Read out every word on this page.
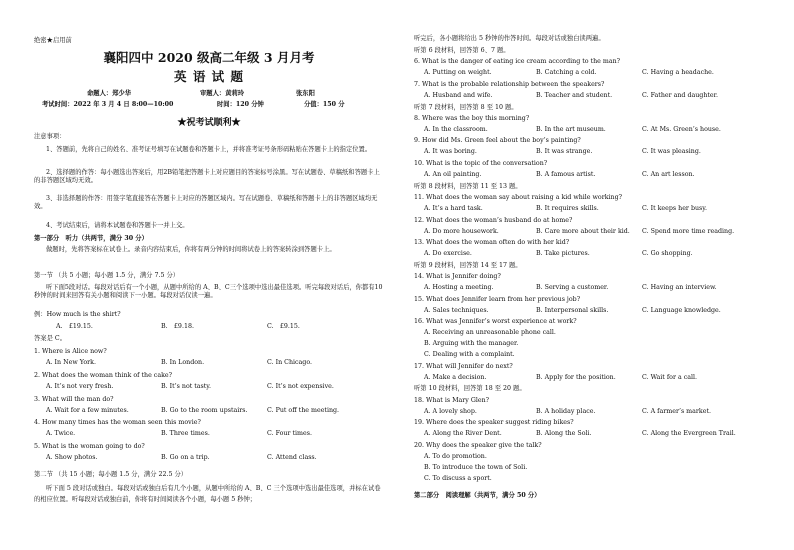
绝密★启用前
襄阳四中 2020 级高二年级 3 月月考
英 语 试 题
命题人：郑少华	审题人：黄莉玲	张东阳
考试时间：2022 年 3 月 4 日 8:00—10:00	时间：120 分钟	分值：150 分
★祝考试顺利★
注意事项：
1、答题前，先将自己的姓名、准考证号填写在试题卷和答题卡上，并将准考证号条形码粘贴在答题卡上的指定位置。
2、选择题的作答：每小题选出答案后，用2B铅笔把答题卡上对应题目的答案标号涂黑。写在试题卷、草稿纸和答题卡上的非答题区域均无效。
3、非选择题的作答：用签字笔直接答在答题卡上对应的答题区域内。写在试题卷、草稿纸和答题卡上的非答题区域均无效。
4、考试结束后，请将本试题卷和答题卡一并上交。
第一部分　听力（共两节，满分 30 分）
做题时，先将答案标在试卷上。录音内容结束后，你将有两分钟的时间将试卷上的答案转涂到答题卡上。
第一节 （共 5 小题；每小题 1.5 分，满分 7.5 分）
听下面5段对话。每段对话后有一个小题，从题中所给的 A、B、C三个选项中选出最佳选项。听完每段对话后，你都有10秒钟的时间来回答有关小题和阅读下一小题。每段对话仅读一遍。
例：How much is the shirt?
A.　£19.15.	B.　£9.18.	C.　£9.15.
答案是 C。
1. Where is Alice now?
A. In New York.	B. In London.	C. In Chicago.
2. What does the woman think of the cake?
A. It’s not very fresh.	B. It’s not tasty.	C. It’s not expensive.
3. What will the man do?
A. Wait for a few minutes.	B. Go to the room upstairs.	C. Put off the meeting.
4. How many times has the woman seen this movie?
A. Twice.	B. Three times.	C. Four times.
5. What is the woman going to do?
A. Show photos.	B. Go on a trip.	C. Attend class.
第二节 （共 15 小题；每小题 1.5 分，满分 22.5 分）
听下面 5 段对话或独白。每段对话或独白后有几个小题，从题中所给的 A、B、C 三个选项中选出最佳选项，并标在试卷的相应位置。听每段对话或独白前，你将有时间阅读各个小题，每小题 5 秒钟；
听完后，各小题将给出 5 秒钟的作答时间。每段对话或独白读两遍。
听第 6 段材料，回答第 6、7 题。
6. What is the danger of eating ice cream according to the man?
A. Putting on weight.	B. Catching a cold.	C. Having a headache.
7. What is the probable relationship between the speakers?
A. Husband and wife.	B. Teacher and student.	C. Father and daughter.
听第 7 段材料，回答第 8 至 10 题。
8. Where was the boy this morning?
A. In the classroom.	B. In the art museum.	C. At Ms. Green’s house.
9. How did Ms. Green feel about the boy’s painting?
A. It was boring.	B. It was strange.	C. It was pleasing.
10. What is the topic of the conversation?
A. An oil painting.	B. A famous artist.	C. An art lesson.
听第 8 段材料，回答第 11 至 13 题。
11. What does the woman say about raising a kid while working?
A. It’s a hard task.	B. It requires skills.	C. It keeps her busy.
12. What does the woman’s husband do at home?
A. Do more housework.	B. Care more about their kid. C. Spend more time reading.
13. What does the woman often do with her kid?
A. Do exercise.	B. Take pictures.	C. Go shopping.
听第 9 段材料，回答第 14 至 17 题。
14. What is Jennifer doing?
A. Hosting a meeting.	B. Serving a customer.	C. Having an interview.
15. What does Jennifer learn from her previous job?
A. Sales techniques.	B. Interpersonal skills.	C. Language knowledge.
16. What was Jennifer’s worst experience at work?
A. Receiving an unreasonable phone call.
B. Arguing with the manager.
C. Dealing with a complaint.
17. What will Jennifer do next?
A. Make a decision.	B. Apply for the position.	C. Wait for a call.
听第 10 段材料，回答第 18 至 20 题。
18. What is Mary Glen?
A. A lovely shop.	B. A holiday place.	C. A farmer’s market.
19. Where does the speaker suggest riding bikes?
A. Along the River Dent.	B. Along the Soli.	C. Along the Evergreen Trail.
20. Why does the speaker give the talk?
A. To do promotion.
B. To introduce the town of Soli.
C. To discuss a sport.
第二部分　阅读理解（共两节，满分 50 分）
